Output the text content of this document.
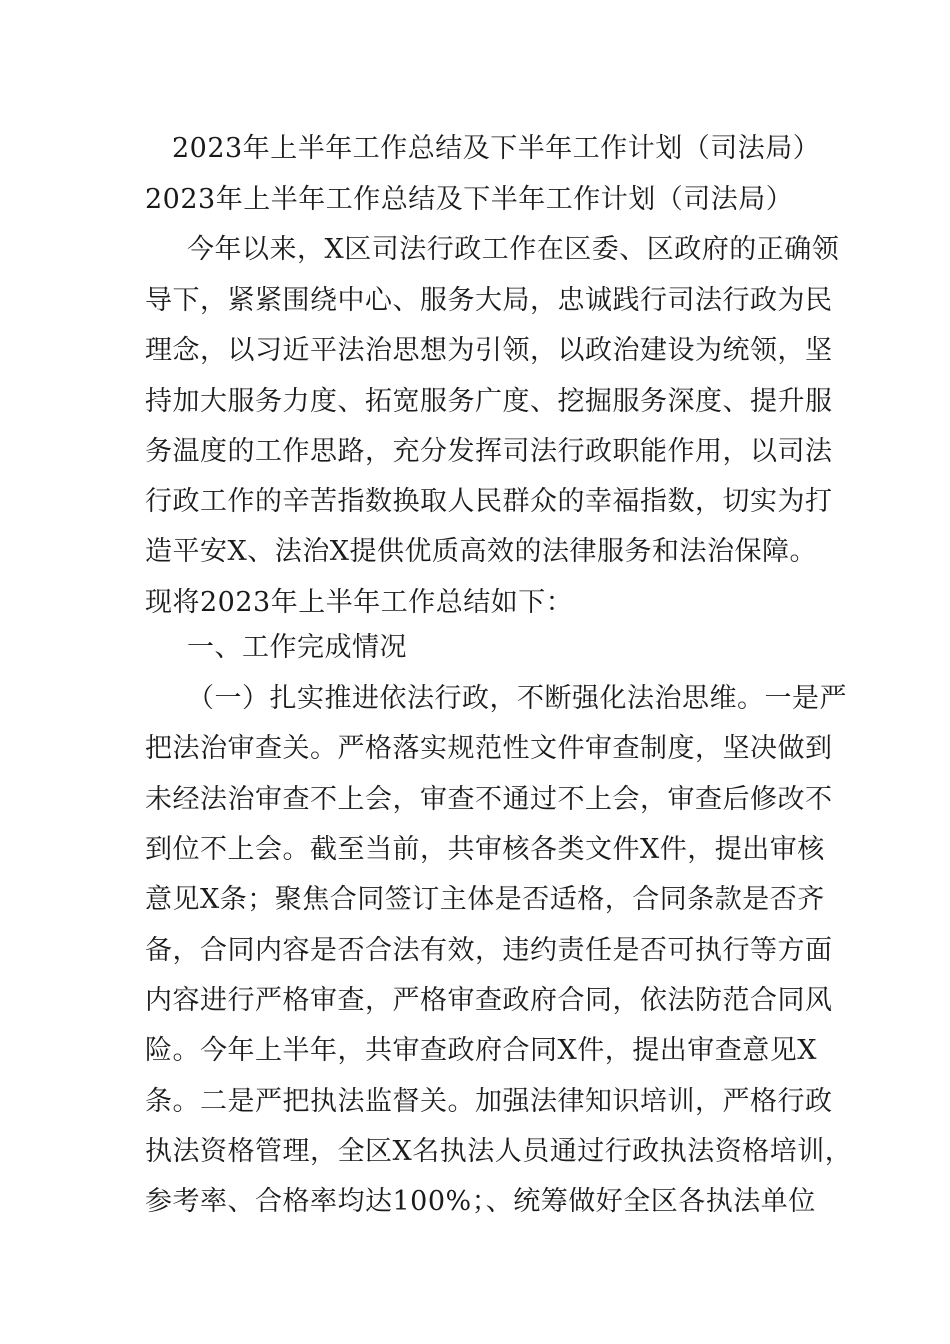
2023年上半年工作总结及下半年工作计划（司法局）
2023年上半年工作总结及下半年工作计划（司法局）
今年以来，X区司法行政工作在区委、区政府的正确领
导下，紧紧围绕中心、服务大局，忠诚践行司法行政为民
理念，以习近平法治思想为引领，以政治建设为统领，坚
持加大服务力度、拓宽服务广度、挖掘服务深度、提升服
务温度的工作思路，充分发挥司法行政职能作用，以司法
行政工作的辛苦指数换取人民群众的幸福指数，切实为打
造平安X、法治X提供优质高效的法律服务和法治保障。
现将2023年上半年工作总结如下：
一、工作完成情况
（一）扎实推进依法行政，不断强化法治思维。一是严
把法治审查关。严格落实规范性文件审查制度，坚决做到
未经法治审查不上会，审查不通过不上会，审查后修改不
到位不上会。截至当前，共审核各类文件X件，提出审核
意见X条；聚焦合同签订主体是否适格，合同条款是否齐
备，合同内容是否合法有效，违约责任是否可执行等方面
内容进行严格审查，严格审查政府合同，依法防范合同风
险。今年上半年，共审查政府合同X件，提出审查意见X
条。二是严把执法监督关。加强法律知识培训，严格行政
执法资格管理，全区X名执法人员通过行政执法资格培训，
参考率、合格率均达100%；、统筹做好全区各执法单位
